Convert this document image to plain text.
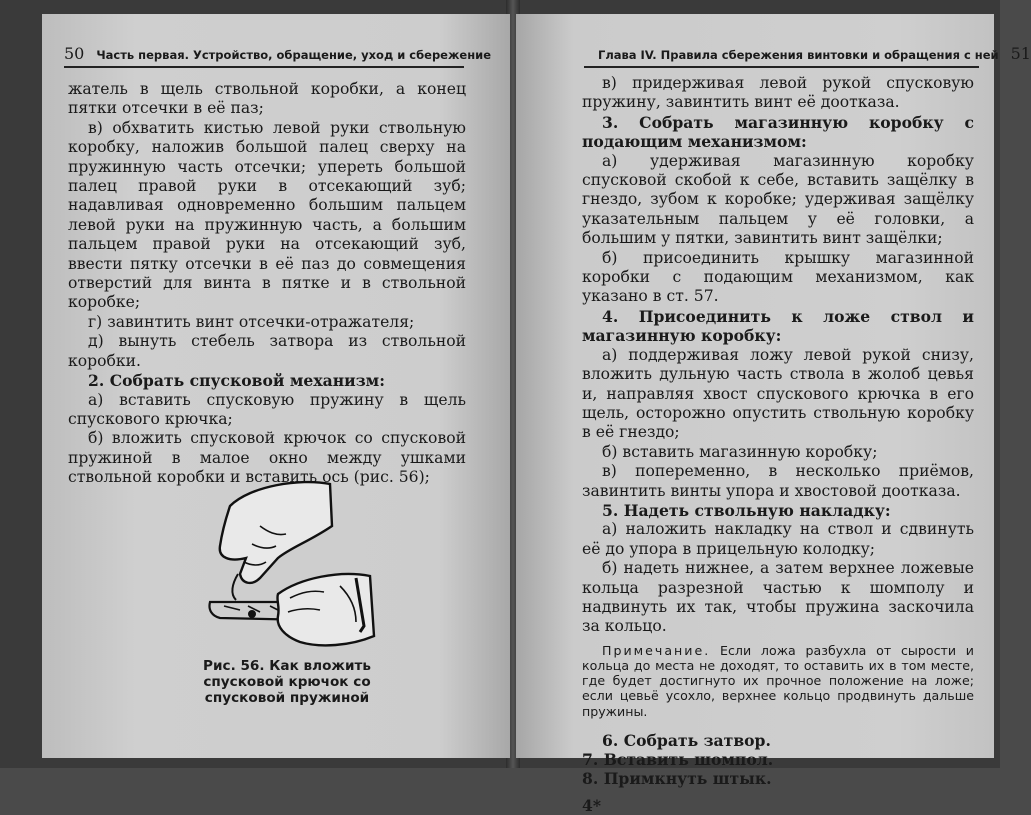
50 Часть первая. Устройство, обращение, уход и сбережение

жатель в щель ствольной коробки, а конец пятки отсечки в её паз;

в) обхватить кистью левой руки ствольную коробку, наложив большой палец сверху на пружинную часть отсечки; упереть большой палец правой руки в отсекающий зуб; надавливая одновременно большим пальцем левой руки на пружинную часть, а большим пальцем правой руки на отсекающий зуб, ввести пятку отсечки в её паз до совмещения отверстий для винта в пятке и в ствольной коробке;

г) завинтить винт отсечки-отражателя;

д) вынуть стебель затвора из ствольной коробки.

2. Собрать спусковой механизм:

а) вставить спусковую пружину в щель спускового крючка;

б) вложить спусковой крючок со спусковой пружиной в малое окно между ушками ствольной коробки и вставить ось (рис. 56);

Рис. 56. Как вложить спусковой крючок со спусковой пружиной
Глава IV. Правила сбережения винтовки и обращения с ней 51

в) придерживая левой рукой спусковую пружину, завинтить винт её доотказа.

3. Собрать магазинную коробку с подающим механизмом:

а) удерживая магазинную коробку спусковой скобой к себе, вставить защёлку в гнездо, зубом к коробке; удерживая защёлку указательным пальцем у её головки, а большим у пятки, завинтить винт защёлки;

б) присоединить крышку магазинной коробки с подающим механизмом, как указано в ст. 57.

4. Присоединить к ложе ствол и магазинную коробку:

а) поддерживая ложу левой рукой снизу, вложить дульную часть ствола в жолоб цевья и, направляя хвост спускового крючка в его щель, осторожно опустить ствольную коробку в её гнездо;

б) вставить магазинную коробку;

в) попеременно, в несколько приёмов, завинтить винты упора и хвостовой доотказа.

5. Надеть ствольную накладку:

а) наложить накладку на ствол и сдвинуть её до упора в прицельную колодку;

б) надеть нижнее, а затем верхнее ложевые кольца разрезной частью к шомполу и надвинуть их так, чтобы пружина заскочила за кольцо.

Примечание. Если ложа разбухла от сырости и кольца до места не доходят, то оставить их в том месте, где будет достигнуто их прочное положение на ложе; если цевьё усохло, верхнее кольцо продвинуть дальше пружины.

6. Собрать затвор.
7. Вставить шомпол.
8. Примкнуть штык.

4*
